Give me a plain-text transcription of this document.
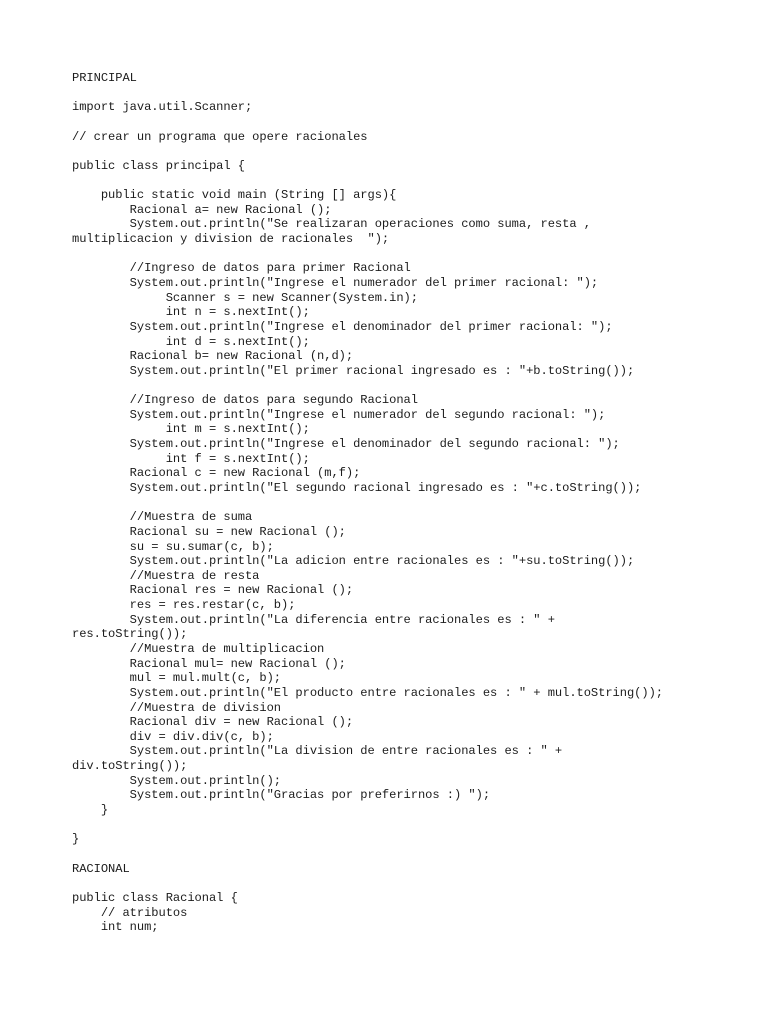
PRINCIPAL
import java.util.Scanner;
// crear un programa que opere racionales
public class principal {
public static void main (String [] args){
Racional a= new Racional ();
System.out.println("Se realizaran operaciones como suma, resta ,
multiplicacion y division de racionales  ");
//Ingreso de datos para primer Racional
System.out.println("Ingrese el numerador del primer racional: ");
Scanner s = new Scanner(System.in);
int n = s.nextInt();
System.out.println("Ingrese el denominador del primer racional: ");
int d = s.nextInt();
Racional b= new Racional (n,d);
System.out.println("El primer racional ingresado es : "+b.toString());
//Ingreso de datos para segundo Racional
System.out.println("Ingrese el numerador del segundo racional: ");
int m = s.nextInt();
System.out.println("Ingrese el denominador del segundo racional: ");
int f = s.nextInt();
Racional c = new Racional (m,f);
System.out.println("El segundo racional ingresado es : "+c.toString());
//Muestra de suma
Racional su = new Racional ();
su = su.sumar(c, b);
System.out.println("La adicion entre racionales es : "+su.toString());
//Muestra de resta
Racional res = new Racional ();
res = res.restar(c, b);
System.out.println("La diferencia entre racionales es : " +
res.toString());
//Muestra de multiplicacion
Racional mul= new Racional ();
mul = mul.mult(c, b);
System.out.println("El producto entre racionales es : " + mul.toString());
//Muestra de division
Racional div = new Racional ();
div = div.div(c, b);
System.out.println("La division de entre racionales es : " +
div.toString());
System.out.println();
System.out.println("Gracias por preferirnos :) ");
}
}
RACIONAL
public class Racional {
// atributos
int num;
